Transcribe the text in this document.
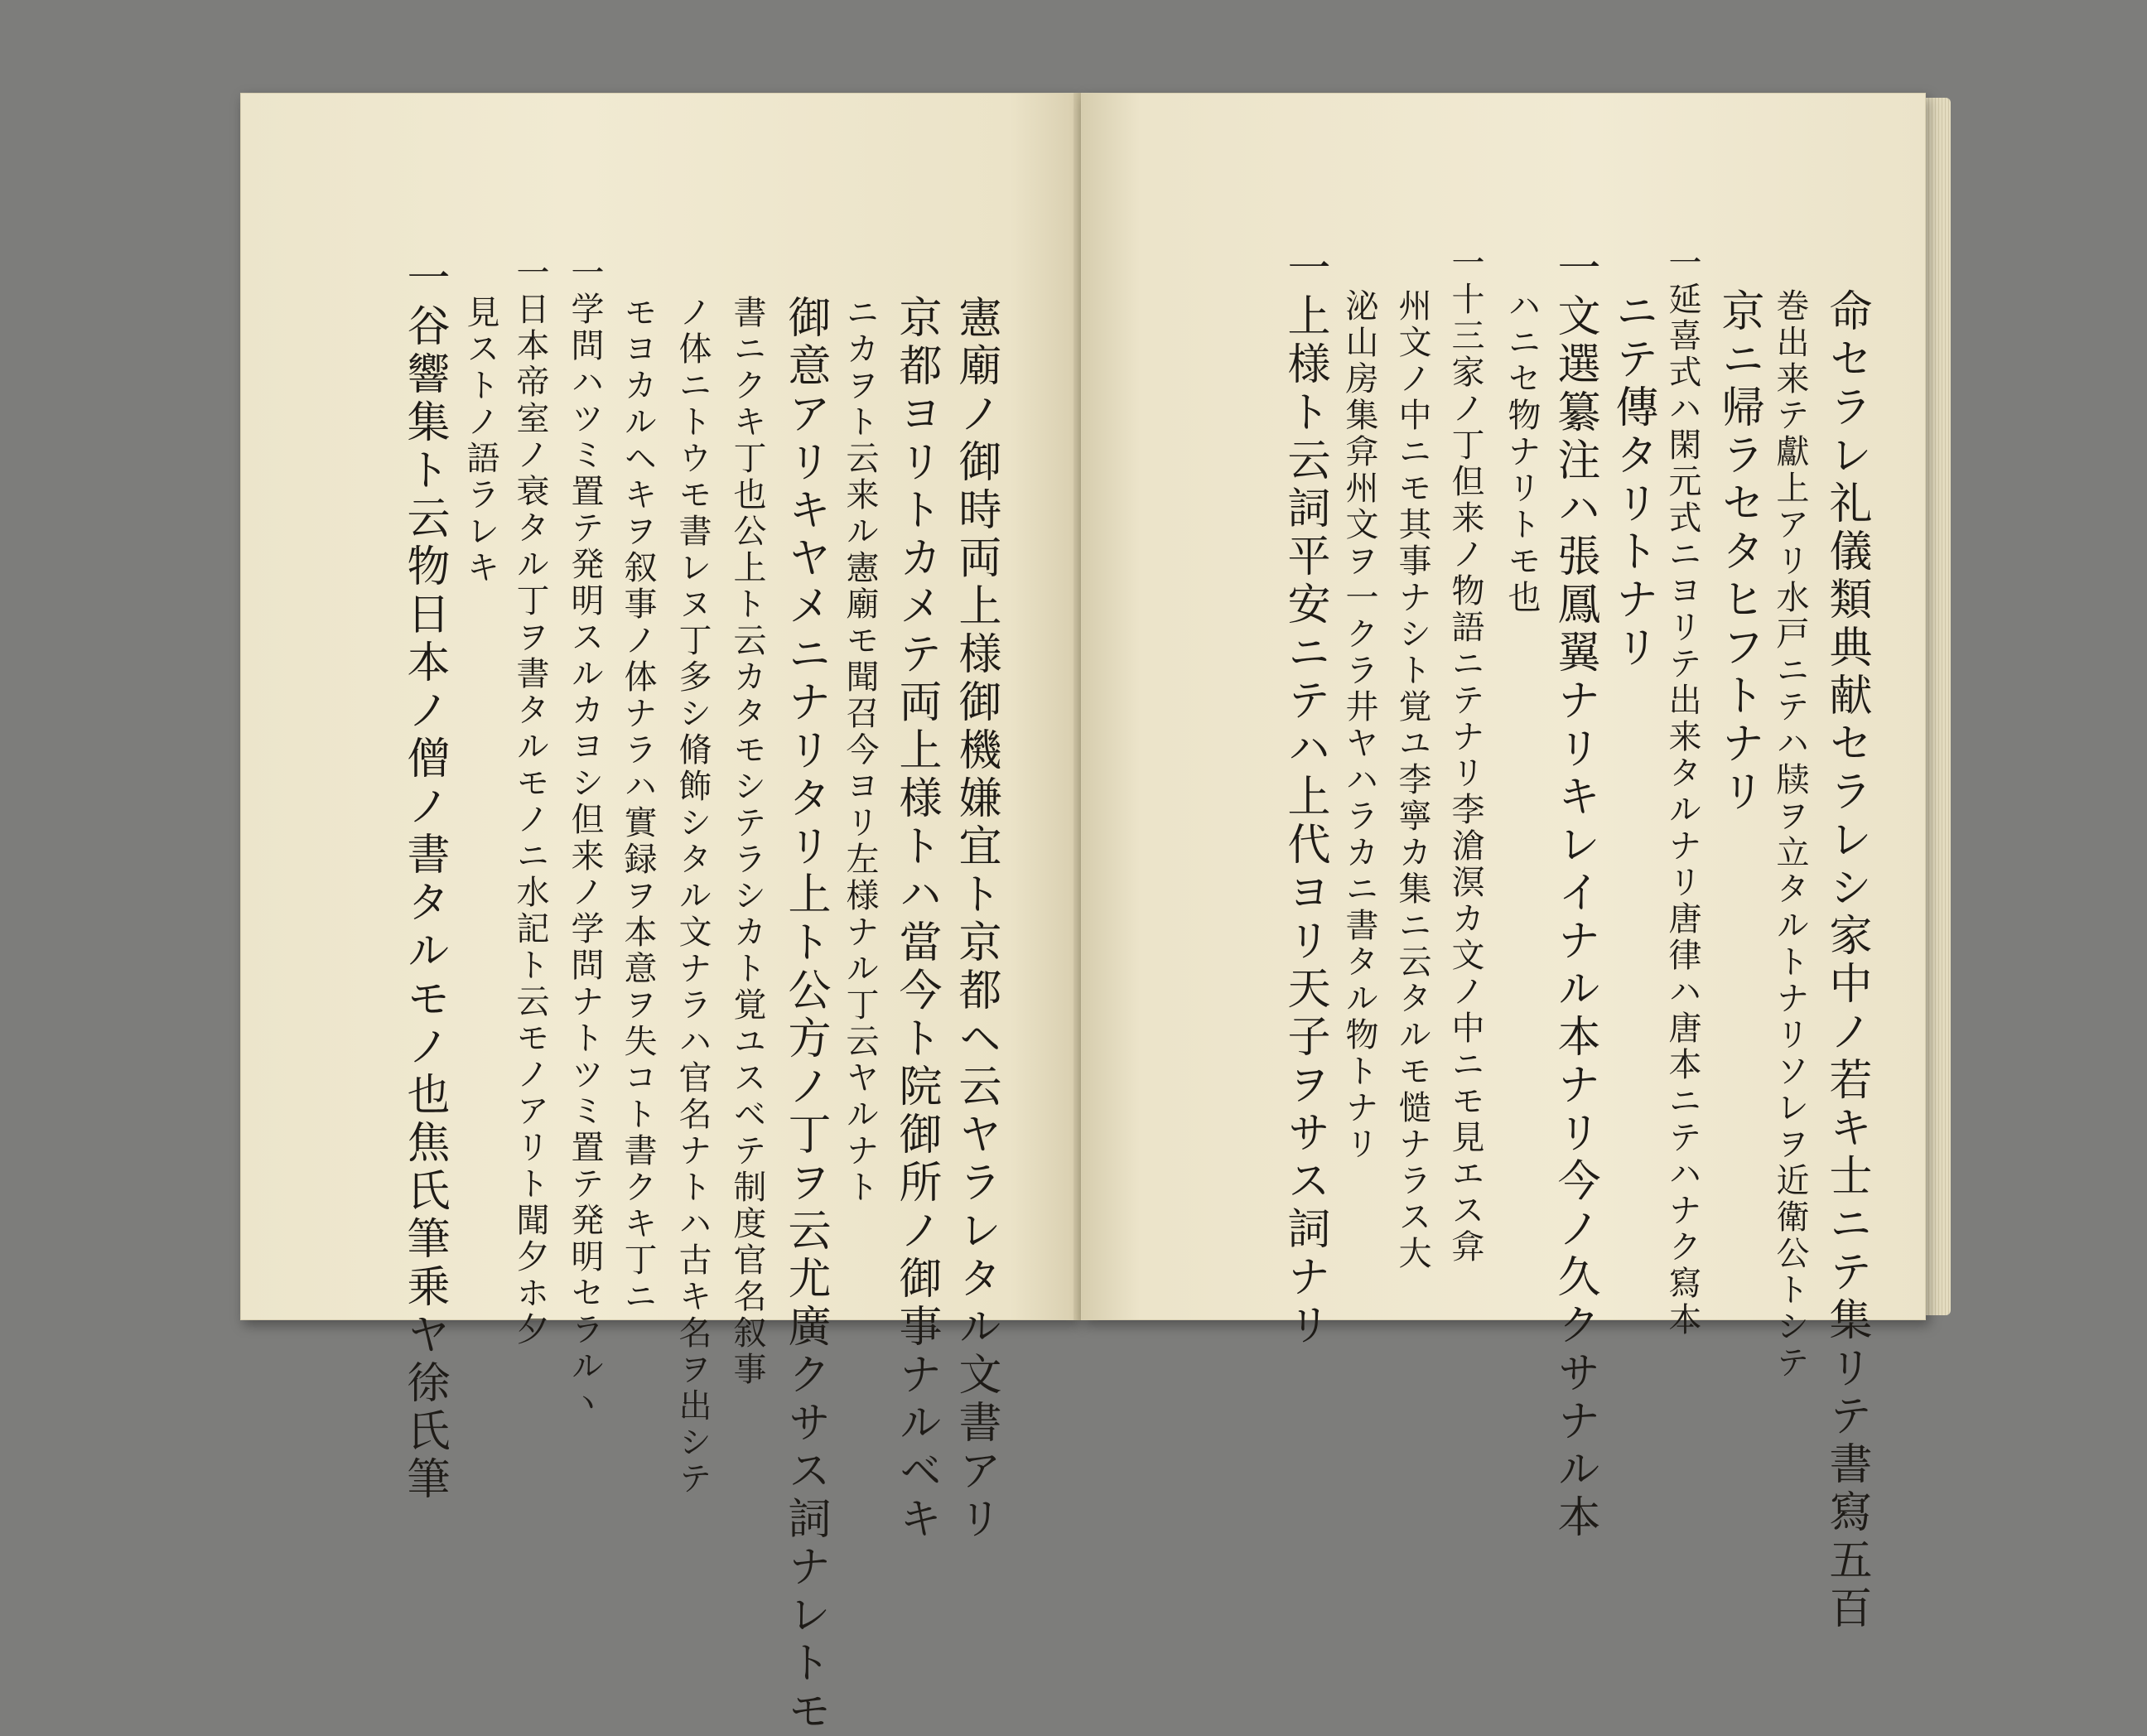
憲廟ノ御時両上様御機嫌宜ト京都ヘ云ヤラレタル文書アリ
京都ヨリトカメテ両上様トハ當今ト院御所ノ御事ナルベキ
ニカヲト云来ル憲廟モ聞召今ヨリ左様ナル丁云ヤルナト
御意アリキヤメニナリタリ上ト公方ノ丁ヲ云尤廣クサス詞ナレトモ
書ニクキ丁也公上ト云カタモシテラシカト覚ユスベテ制度官名叙事
ノ体ニトウモ書レヌ丁多シ脩飾シタル文ナラハ官名ナトハ古キ名ヲ出シテ
モヨカルヘキヲ叙事ノ体ナラハ實録ヲ本意ヲ失コト書クキ丁ニ
一学問ハツミ置テ発明スルカヨシ但来ノ学問ナトツミ置テ発明セラルヽ
一日本帝室ノ衰タル丁ヲ書タルモノニ水記ト云モノアリト聞夕ホ夕
見ストノ語ラレキ
一谷響集ト云物日本ノ僧ノ書タルモノ也焦氏筆乗ヤ徐氏筆	命セラレ礼儀類典献セラレシ家中ノ若キ士ニテ集リテ書寫五百
巻出来テ獻上アリ水戸ニテハ牍ヲ立タルトナリソレヲ近衛公トシテ
京ニ帰ラセタヒフトナリ
一延喜式ハ閑元式ニヨリテ出来タルナリ唐律ハ唐本ニテハナク寫本
ニテ傳タリトナリ
一文選纂注ハ張鳳翼ナリキレイナル本ナリ今ノ久クサナル本
ハニセ物ナリトモ也
一十三家ノ丁但来ノ物語ニテナリ李滄溟カ文ノ中ニモ見エス弇
州文ノ中ニモ其事ナシト覚ユ李寧カ集ニ云タルモ慥ナラス大
泌山房集弇州文ヲ一クラ井ヤハラカニ書タル物トナリ
一上様ト云詞平安ニテハ上代ヨリ天子ヲサス詞ナリ
